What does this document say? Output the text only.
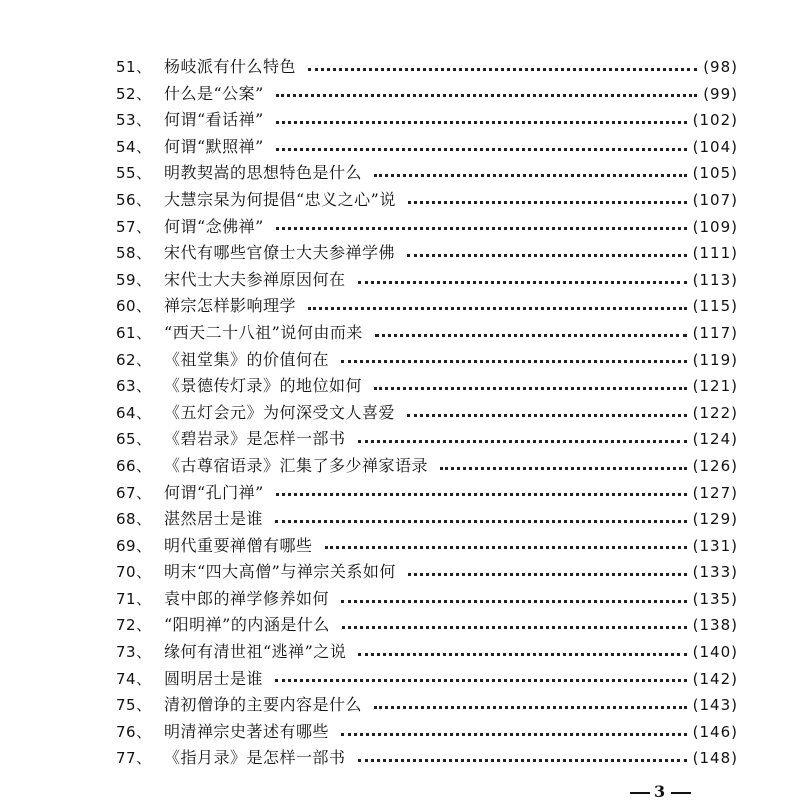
51、 杨岐派有什么特色	(98)
52、 什么是“公案”	(99)
53、 何谓“看话禅”	(102)
54、 何谓“默照禅”	(104)
55、 明教契嵩的思想特色是什么	(105)
56、 大慧宗杲为何提倡“忠义之心”说	(107)
57、 何谓“念佛禅”	(109)
58、 宋代有哪些官僚士大夫参禅学佛	(111)
59、 宋代士大夫参禅原因何在	(113)
60、 禅宗怎样影响理学	(115)
61、 “西天二十八祖”说何由而来	(117)
62、 《祖堂集》的价值何在	(119)
63、 《景德传灯录》的地位如何	(121)
64、 《五灯会元》为何深受文人喜爱	(122)
65、 《碧岩录》是怎样一部书	(124)
66、 《古尊宿语录》汇集了多少禅家语录	(126)
67、 何谓“孔门禅”	(127)
68、 湛然居士是谁	(129)
69、 明代重要禅僧有哪些	(131)
70、 明末“四大高僧”与禅宗关系如何	(133)
71、 袁中郎的禅学修养如何	(135)
72、 “阳明禅”的内涵是什么	(138)
73、 缘何有清世祖“逃禅”之说	(140)
74、 圆明居士是谁	(142)
75、 清初僧诤的主要内容是什么	(143)
76、 明清禅宗史著述有哪些	(146)
77、 《指月录》是怎样一部书	(148)
3
